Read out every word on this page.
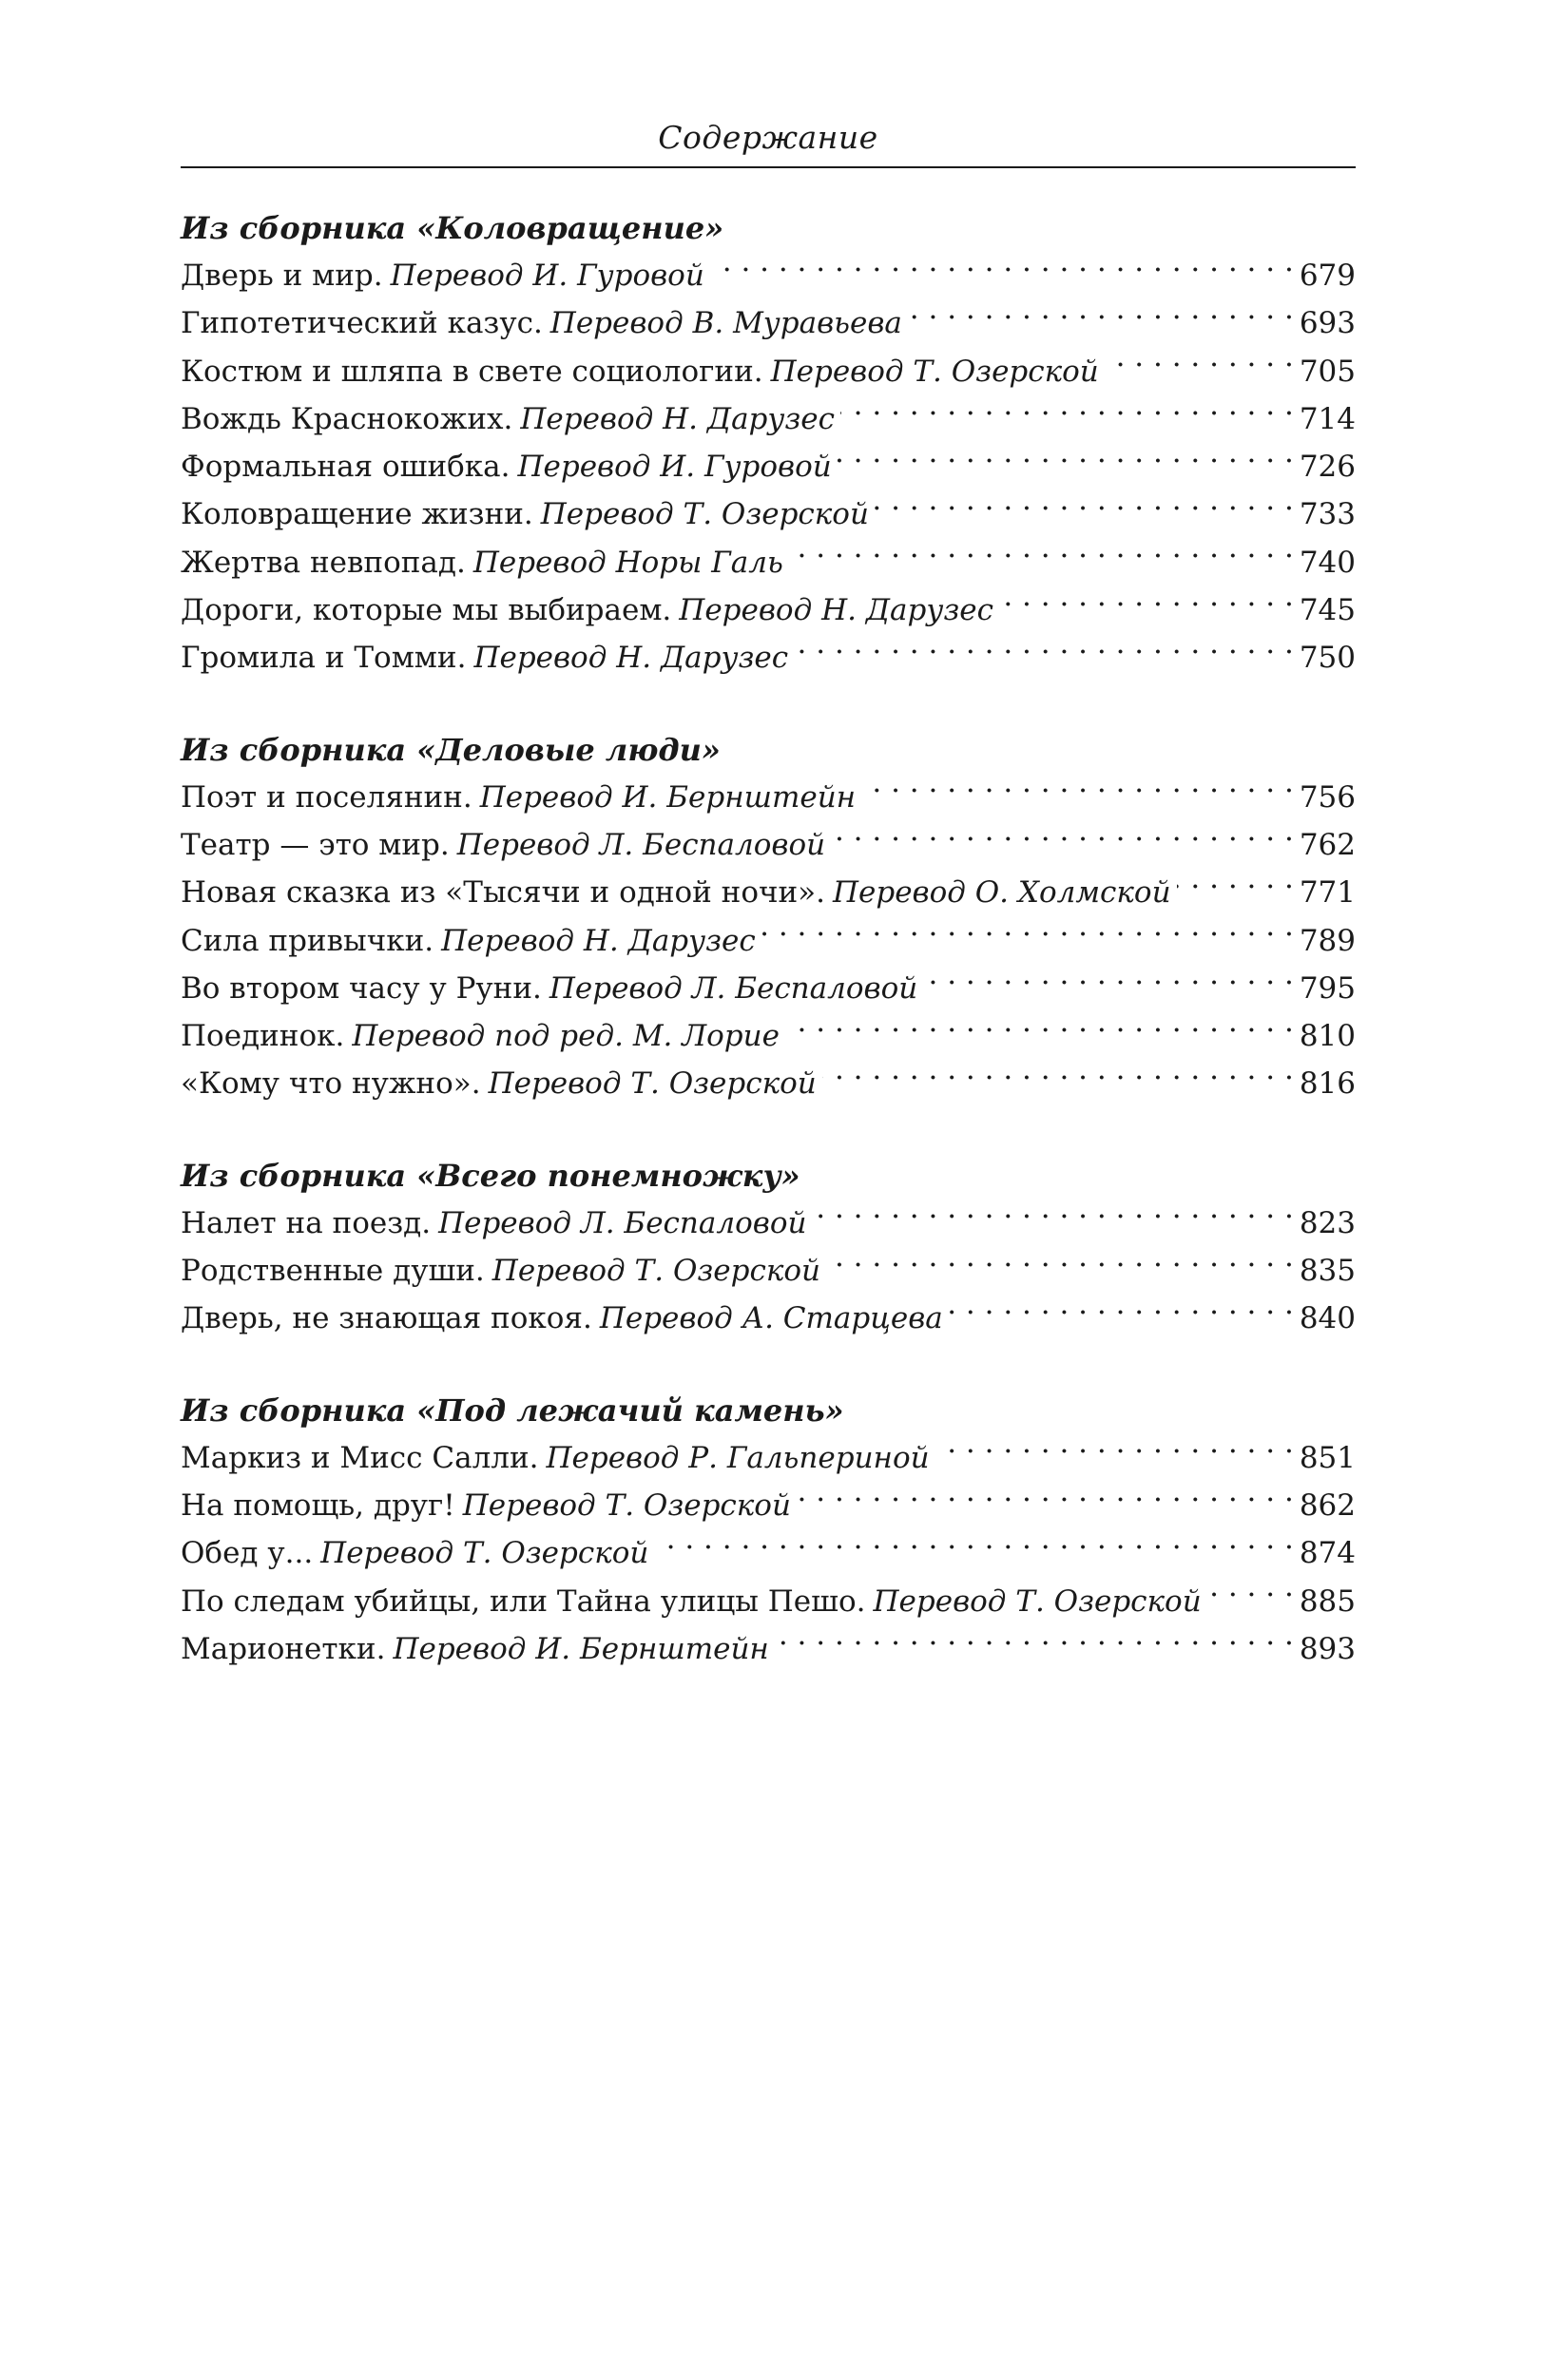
Содержание
Из сборника «Коловращение»
Дверь и мир. Перевод И. Гуровой . . .	679
Гипотетический казус. Перевод В. Муравьева . . .	693
Костюм и шляпа в свете социологии. Перевод Т. Озерской . . .	705
Вождь Краснокожих. Перевод Н. Дарузес . . .	714
Формальная ошибка. Перевод И. Гуровой . . .	726
Коловращение жизни. Перевод Т. Озерской . . .	733
Жертва невпопад. Перевод Норы Галь . . .	740
Дороги, которые мы выбираем. Перевод Н. Дарузес . . .	745
Громила и Томми. Перевод Н. Дарузес . . .	750
Из сборника «Деловые люди»
Поэт и поселянин. Перевод И. Бернштейн . . .	756
Театр — это мир. Перевод Л. Беспаловой . . .	762
Новая сказка из «Тысячи и одной ночи». Перевод О. Холмской . . .	771
Сила привычки. Перевод Н. Дарузес . . .	789
Во втором часу у Руни. Перевод Л. Беспаловой . . .	795
Поединок. Перевод под ред. М. Лорие . . .	810
«Кому что нужно». Перевод Т. Озерской . . .	816
Из сборника «Всего понемножку»
Налет на поезд. Перевод Л. Беспаловой . . .	823
Родственные души. Перевод Т. Озерской . . .	835
Дверь, не знающая покоя. Перевод А. Старцева . . .	840
Из сборника «Под лежачий камень»
Маркиз и Мисс Салли. Перевод Р. Гальпериной . . .	851
На помощь, друг! Перевод Т. Озерской . . .	862
Обед у... Перевод Т. Озерской . . .	874
По следам убийцы, или Тайна улицы Пешо. Перевод Т. Озерской . . .	885
Марионетки. Перевод И. Бернштейн . . .	893
